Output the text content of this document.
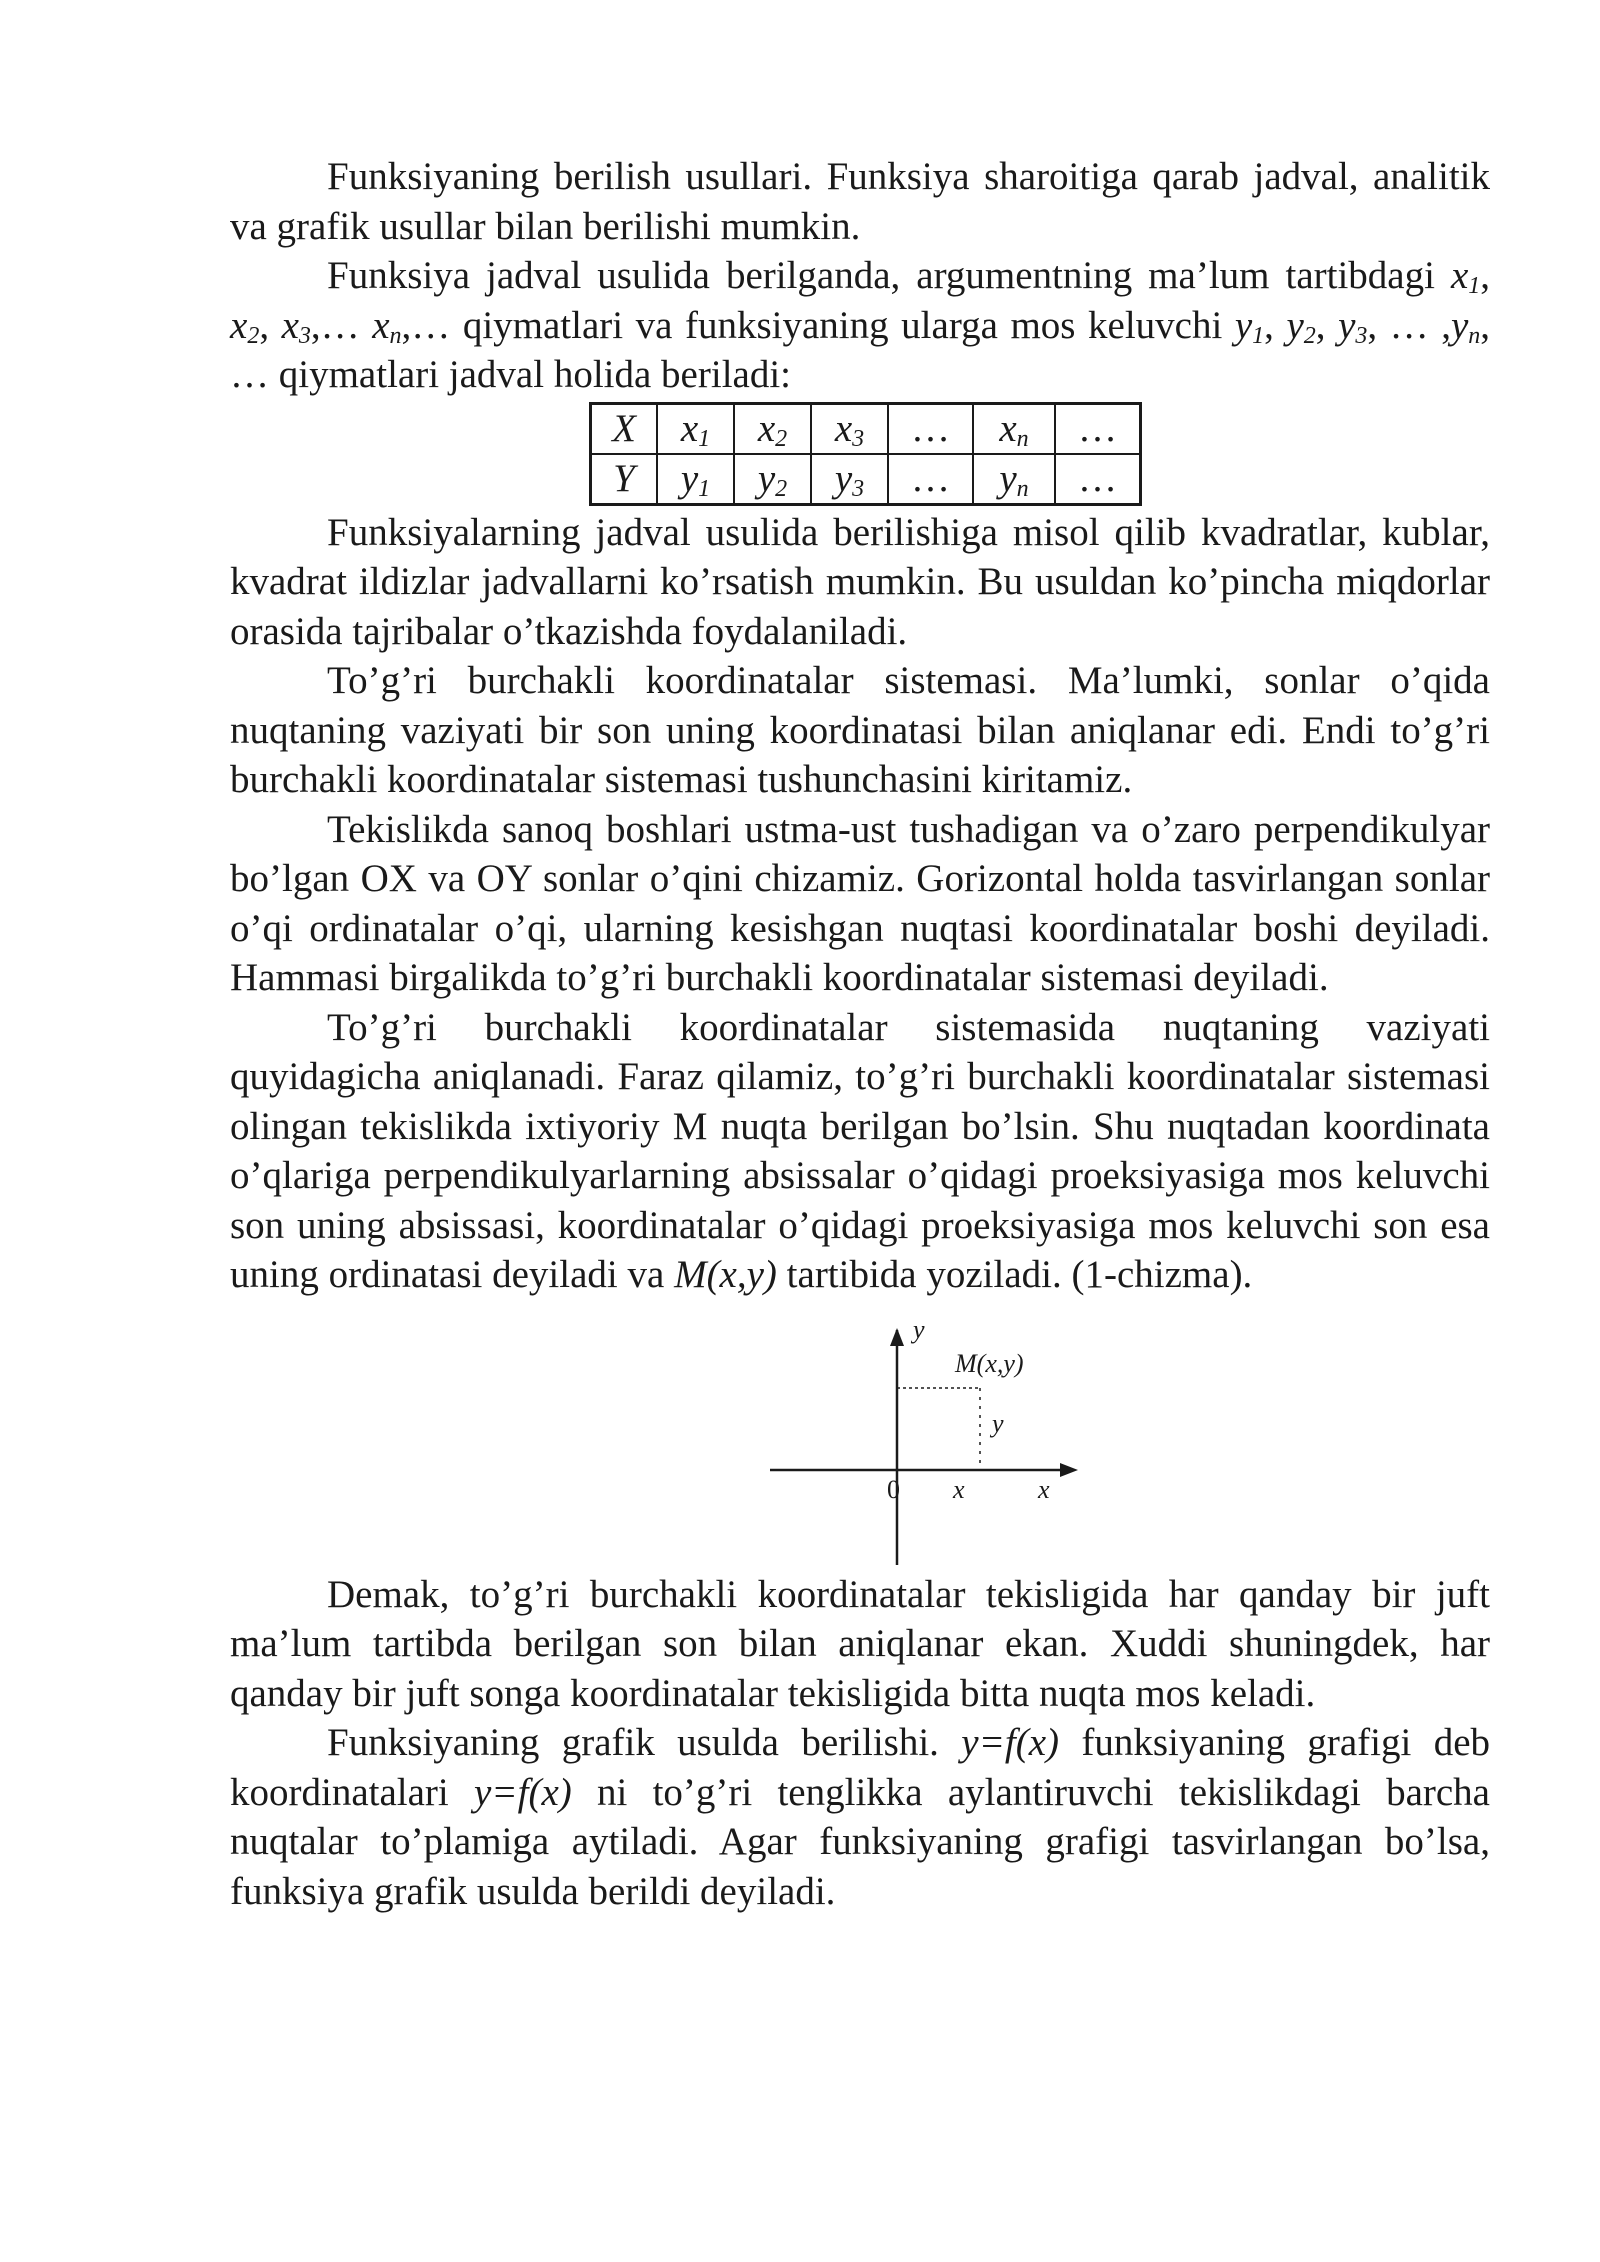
Funksiyaning berilish usullari. Funksiya sharoitiga qarab jadval, analitik va grafik usullar bilan berilishi mumkin.

Funksiya jadval usulida berilganda, argumentning ma’lum tartibdagi $x_1$, $x_2$, $x_3,\dots$ $x_n,\dots$ qiymatlari va funksiyaning ularga mos keluvchi $y_1$, $y_2$, $y_3$, … $,y_n$, … qiymatlari jadval holida beriladi:

X	$x_1$	$x_2$	$x_3$	…	$x_n$	…
Y	$y_1$	$y_2$	$y_3$	…	$y_n$	…

Funksiyalarning jadval usulida berilishiga misol qilib kvadratlar, kublar, kvadrat ildizlar jadvallarni ko’rsatish mumkin. Bu usuldan ko’pincha miqdorlar orasida tajribalar o’tkazishda foydalaniladi.

To’g’ri burchakli koordinatalar sistemasi. Ma’lumki, sonlar o’qida nuqtaning vaziyati bir son uning koordinatasi bilan aniqlanar edi. Endi to’g’ri burchakli koordinatalar sistemasi tushunchasini kiritamiz.

Tekislikda sanoq boshlari ustma-ust tushadigan va o’zaro perpendikulyar bo’lgan OX va OY sonlar o’qini chizamiz. Gorizontal holda tasvirlangan sonlar o’qi ordinatalar o’qi, ularning kesishgan nuqtasi koordinatalar boshi deyiladi. Hammasi birgalikda to’g’ri burchakli koordinatalar sistemasi deyiladi.

To’g’ri burchakli koordinatalar sistemasida nuqtaning vaziyati quyidagicha aniqlanadi. Faraz qilamiz, to’g’ri burchakli koordinatalar sistemasi olingan tekislikda ixtiyoriy M nuqta berilgan bo’lsin. Shu nuqtadan koordinata o’qlariga perpendikulyarlarning absissalar o’qidagi proeksiyasiga mos keluvchi son uning absissasi, koordinatalar o’qidagi proeksiyasiga mos keluvchi son esa uning ordinatasi deyiladi va M(x,y) tartibida yoziladi. (1-chizma).

y
M(x,y)
y
0 x	x

Demak, to’g’ri burchakli koordinatalar tekisligida har qanday bir juft ma’lum tartibda berilgan son bilan aniqlanar ekan. Xuddi shuningdek, har qanday bir juft songa koordinatalar tekisligida bitta nuqta mos keladi.

Funksiyaning grafik usulda berilishi. y=f(x) funksiyaning grafigi deb koordinatalari y=f(x) ni to’g’ri tenglikka aylantiruvchi tekislikdagi barcha nuqtalar to’plamiga aytiladi. Agar funksiyaning grafigi tasvirlangan bo’lsa, funksiya grafik usulda berildi deyiladi.
